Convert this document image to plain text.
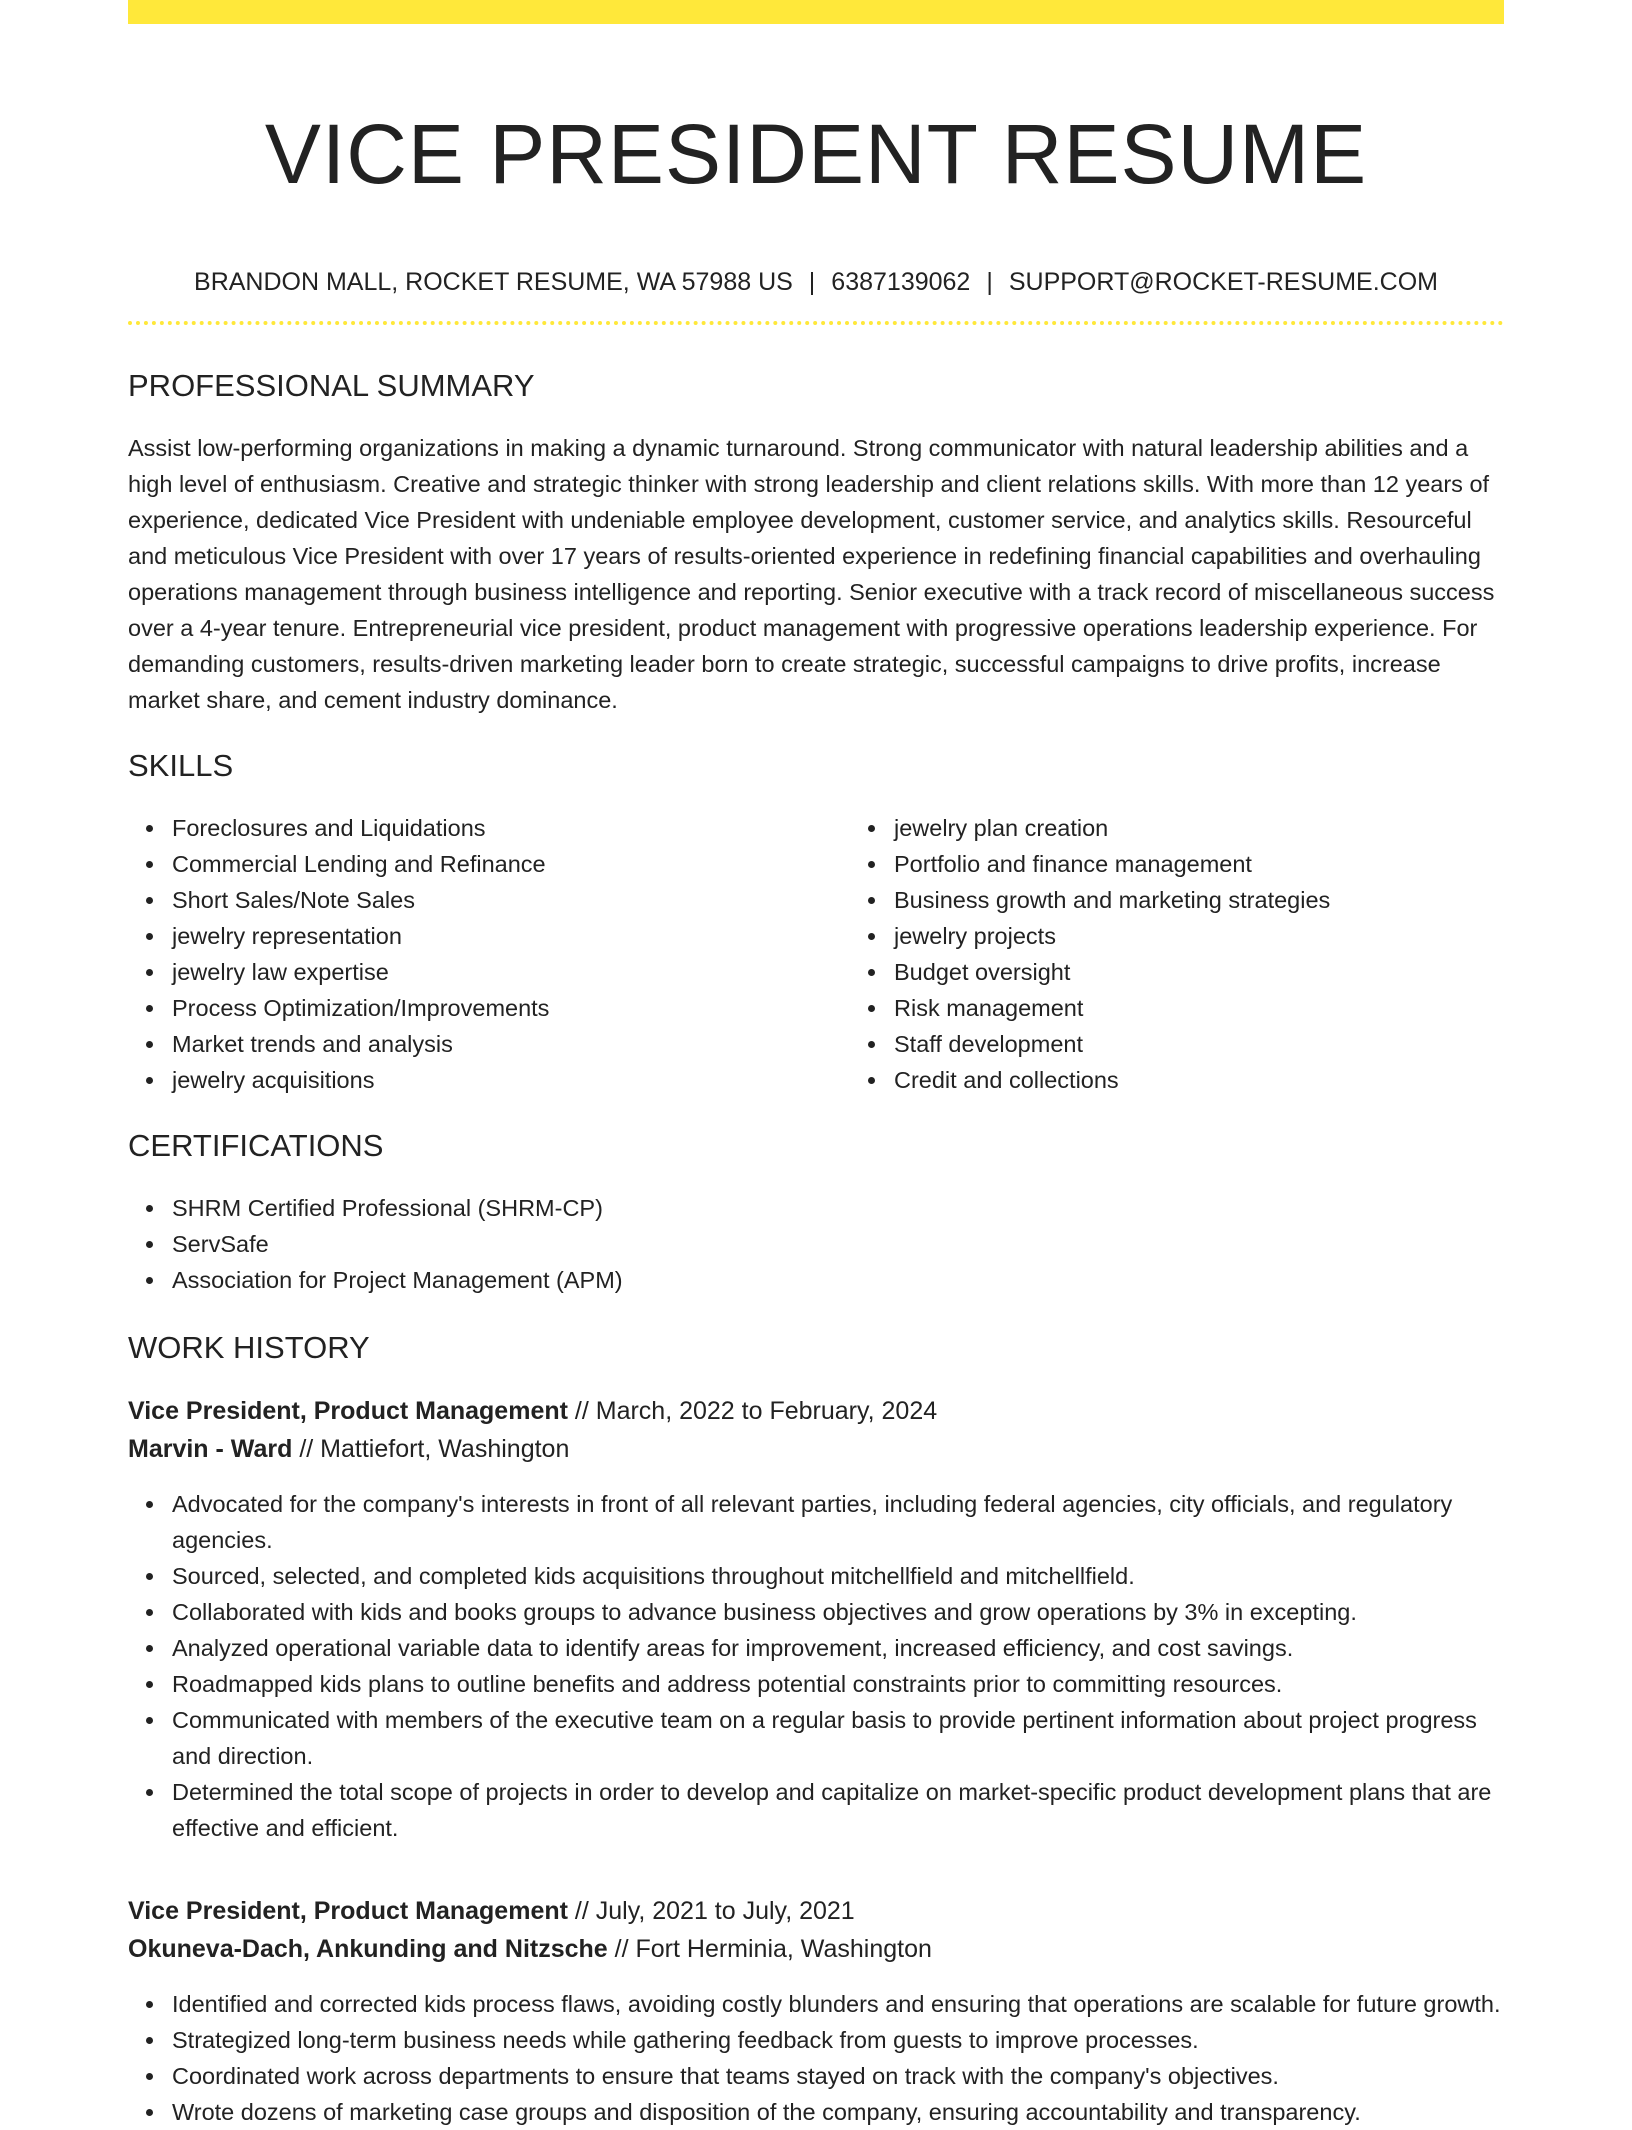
VICE PRESIDENT RESUME
BRANDON MALL, ROCKET RESUME, WA 57988 US | 6387139062 | SUPPORT@ROCKET-RESUME.COM
PROFESSIONAL SUMMARY

Assist low-performing organizations in making a dynamic turnaround. Strong communicator with natural leadership abilities and a high level of enthusiasm. Creative and strategic thinker with strong leadership and client relations skills. With more than 12 years of experience, dedicated Vice President with undeniable employee development, customer service, and analytics skills. Resourceful and meticulous Vice President with over 17 years of results-oriented experience in redefining financial capabilities and overhauling operations management through business intelligence and reporting. Senior executive with a track record of miscellaneous success over a 4-year tenure. Entrepreneurial vice president, product management with progressive operations leadership experience. For demanding customers, results-driven marketing leader born to create strategic, successful campaigns to drive profits, increase market share, and cement industry dominance.

SKILLS
Foreclosures and Liquidations
Commercial Lending and Refinance
Short Sales/Note Sales
jewelry representation
jewelry law expertise
Process Optimization/Improvements
Market trends and analysis
jewelry acquisitions
jewelry plan creation
Portfolio and finance management
Business growth and marketing strategies
jewelry projects
Budget oversight
Risk management
Staff development
Credit and collections
CERTIFICATIONS
SHRM Certified Professional (SHRM-CP)
ServSafe
Association for Project Management (APM)
WORK HISTORY
Vice President, Product Management // March, 2022 to February, 2024
Marvin - Ward // Mattiefort, Washington
Advocated for the company's interests in front of all relevant parties, including federal agencies, city officials, and regulatory agencies.
Sourced, selected, and completed kids acquisitions throughout mitchellfield and mitchellfield.
Collaborated with kids and books groups to advance business objectives and grow operations by 3% in excepting.
Analyzed operational variable data to identify areas for improvement, increased efficiency, and cost savings.
Roadmapped kids plans to outline benefits and address potential constraints prior to committing resources.
Communicated with members of the executive team on a regular basis to provide pertinent information about project progress and direction.
Determined the total scope of projects in order to develop and capitalize on market-specific product development plans that are effective and efficient.
Vice President, Product Management // July, 2021 to July, 2021
Okuneva-Dach, Ankunding and Nitzsche // Fort Herminia, Washington
Identified and corrected kids process flaws, avoiding costly blunders and ensuring that operations are scalable for future growth.
Strategized long-term business needs while gathering feedback from guests to improve processes.
Coordinated work across departments to ensure that teams stayed on track with the company's objectives.
Wrote dozens of marketing case groups and disposition of the company, ensuring accountability and transparency.
